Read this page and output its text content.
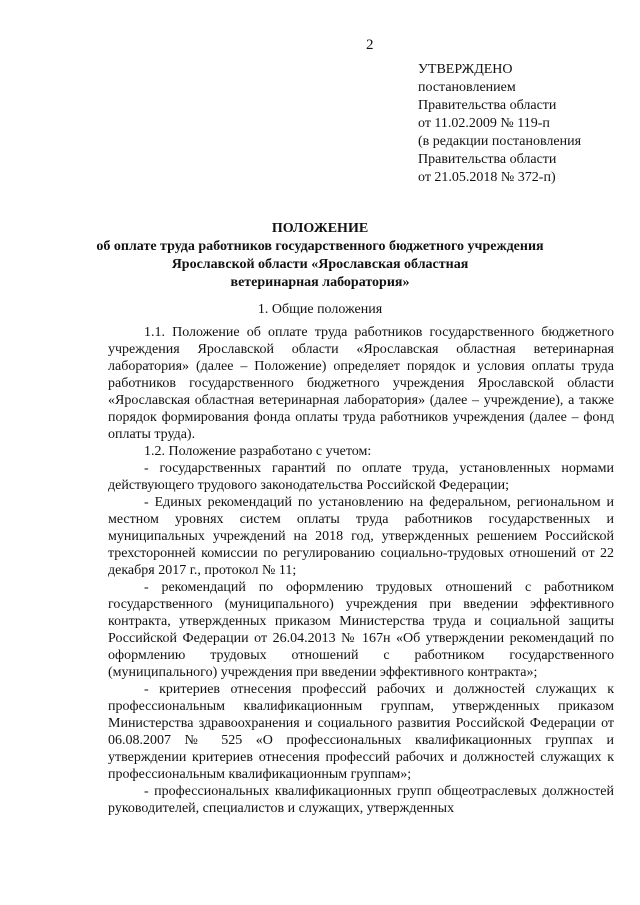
2
УТВЕРЖДЕНО
постановлением
Правительства области
от 11.02.2009 № 119-п
(в редакции постановления
Правительства области
от 21.05.2018 № 372-п)
ПОЛОЖЕНИЕ
об оплате труда работников государственного бюджетного учреждения
Ярославской области «Ярославская областная
ветеринарная лаборатория»
1. Общие положения

1.1. Положение об оплате труда работников государственного бюджетного учреждения Ярославской области «Ярославская областная ветеринарная лаборатория» (далее – Положение) определяет порядок и условия оплаты труда работников государственного бюджетного учреждения Ярославской области «Ярославская областная ветеринарная лаборатория» (далее – учреждение), а также порядок формирования фонда оплаты труда работников учреждения (далее – фонд оплаты труда).

1.2. Положение разработано с учетом:

- государственных гарантий по оплате труда, установленных нормами действующего трудового законодательства Российской Федерации;

- Единых рекомендаций по установлению на федеральном, региональном и местном уровнях систем оплаты труда работников государственных и муниципальных учреждений на 2018 год, утвержденных решением Российской трехсторонней комиссии по регулированию социально-трудовых отношений от 22 декабря 2017 г., протокол № 11;

- рекомендаций по оформлению трудовых отношений с работником государственного (муниципального) учреждения при введении эффективного контракта, утвержденных приказом Министерства труда и социальной защиты Российской Федерации от 26.04.2013 № 167н «Об утверждении рекомендаций по оформлению трудовых отношений с работником государственного (муниципального) учреждения при введении эффективного контракта»;

- критериев отнесения профессий рабочих и должностей служащих к профессиональным квалификационным группам, утвержденных приказом Министерства здравоохранения и социального развития Российской Федерации от 06.08.2007 № 525 «О профессиональных квалификационных группах и утверждении критериев отнесения профессий рабочих и должностей служащих к профессиональным квалификационным группам»;

- профессиональных квалификационных групп общеотраслевых должностей руководителей, специалистов и служащих, утвержденных
